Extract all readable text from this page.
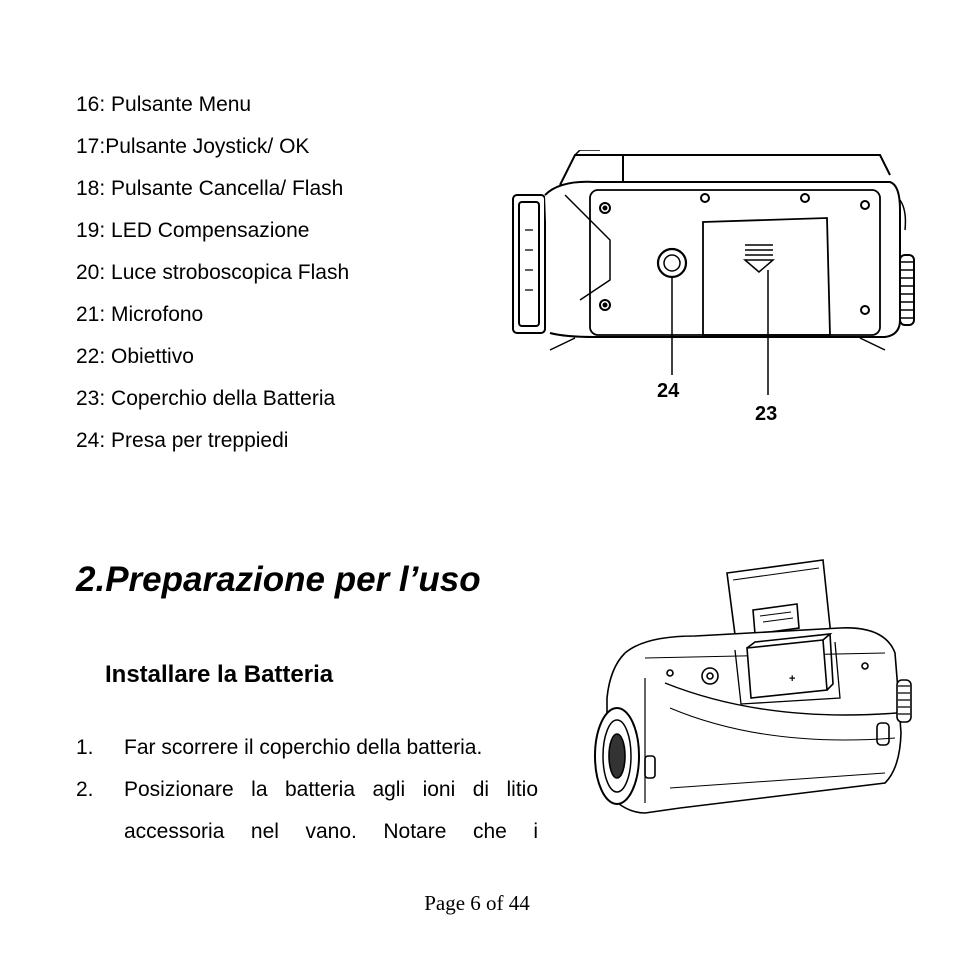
16: Pulsante Menu
17:Pulsante Joystick/ OK
18: Pulsante Cancella/ Flash
19: LED Compensazione
20: Luce stroboscopica Flash
21: Microfono
22: Obiettivo
23: Coperchio della Batteria
24: Presa per treppiedi
24
23
2.Preparazione per l’uso
Installare la Batteria
1.	Far scorrere il coperchio della batteria.
2.	Posizionare la batteria agli ioni di litio
accessoria nel vano. Notare che i
+
Page 6 of 44
